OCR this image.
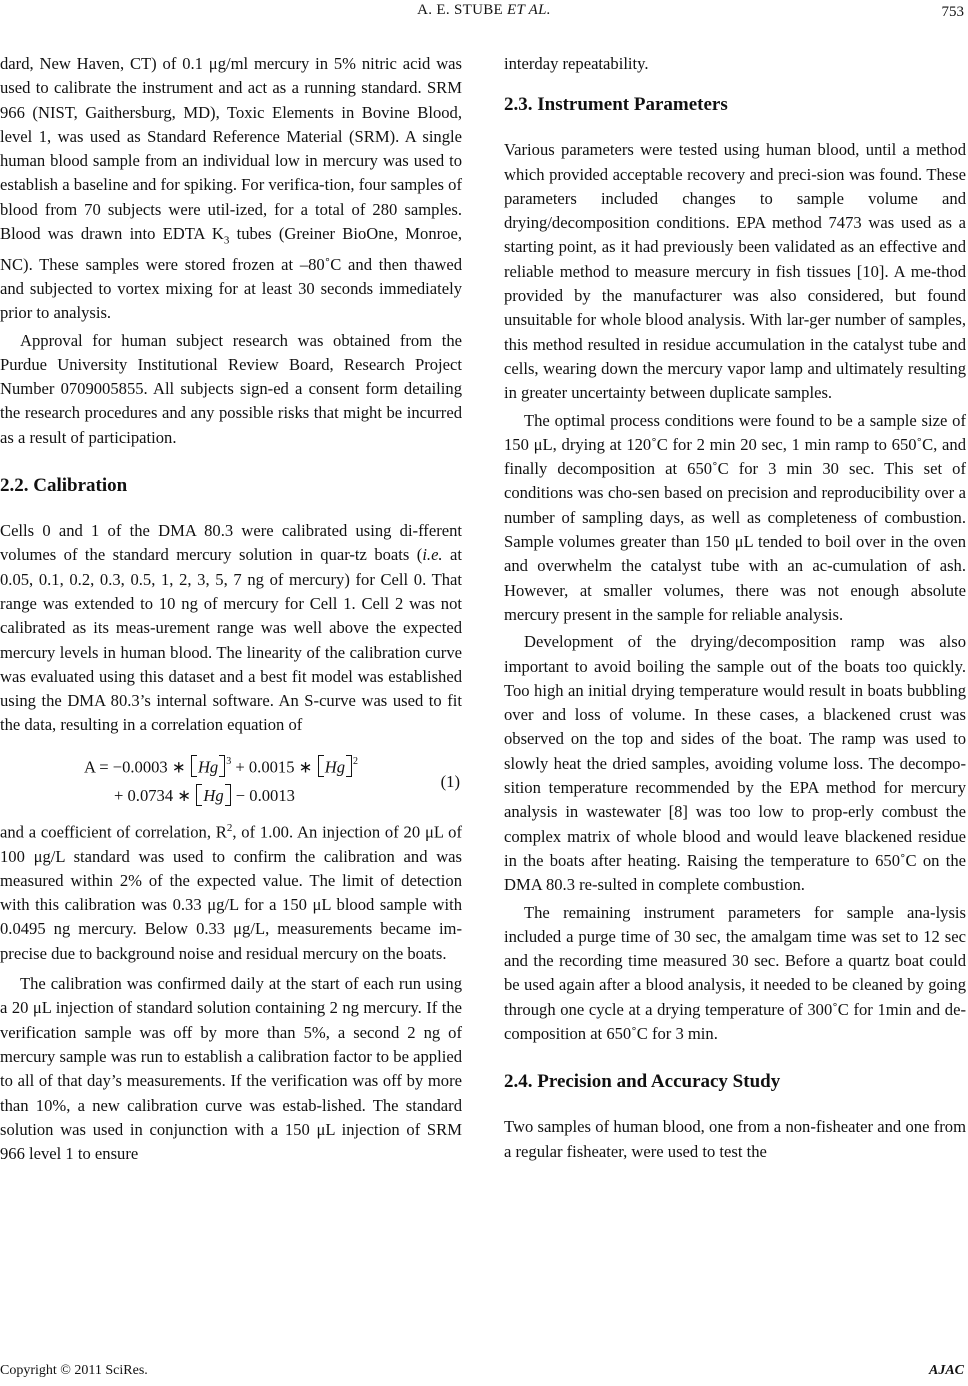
A. E. STUBE ET AL.	753

dard, New Haven, CT) of 0.1 μg/ml mercury in 5% nitric acid was used to calibrate the instrument and act as a running standard. SRM 966 (NIST, Gaithersburg, MD), Toxic Elements in Bovine Blood, level 1, was used as Standard Reference Material (SRM). A single human blood sample from an individual low in mercury was used to establish a baseline and for spiking. For verifica-tion, four samples of blood from 70 subjects were util-ized, for a total of 280 samples. Blood was drawn into EDTA $K_3$ tubes (Greiner BioOne, Monroe, NC). These samples were stored frozen at –80˚C and then thawed and subjected to vortex mixing for at least 30 seconds immediately prior to analysis.

Approval for human subject research was obtained from the Purdue University Institutional Review Board, Research Project Number 0709005855. All subjects sign-ed a consent form detailing the research procedures and any possible risks that might be incurred as a result of participation.

2.2. Calibration

Cells 0 and 1 of the DMA 80.3 were calibrated using di-fferent volumes of the standard mercury solution in quar-tz boats (i.e. at 0.05, 0.1, 0.2, 0.3, 0.5, 1, 2, 3, 5, 7 ng of mercury) for Cell 0. That range was extended to 10 ng of mercury for Cell 1. Cell 2 was not calibrated as its meas-urement range was well above the expected mercury levels in human blood. The linearity of the calibration curve was evaluated using this dataset and a best fit model was established using the DMA 80.3’s internal software. An S-curve was used to fit the data, resulting in a correlation equation of

A = −0.0003 ∗ Hg $^3$ + 0.0015 ∗ Hg $^2$
+ 0.0734 ∗ Hg − 0.0013
(1)

and a coefficient of correlation, $R^2$, of 1.00. An injection of 20 μL of 100 μg/L standard was used to confirm the calibration and was measured within 2% of the expected value. The limit of detection with this calibration was 0.33 μg/L for a 150 μL blood sample with 0.0495 ng mercury. Below 0.33 μg/L, measurements became im-precise due to background noise and residual mercury on the boats.

The calibration was confirmed daily at the start of each run using a 20 μL injection of standard solution containing 2 ng mercury. If the verification sample was off by more than 5%, a second 2 ng of mercury sample was run to establish a calibration factor to be applied to all of that day’s measurements. If the verification was off by more than 10%, a new calibration curve was estab-lished. The standard solution was used in conjunction with a 150 μL injection of SRM 966 level 1 to ensure

interday repeatability.

2.3. Instrument Parameters

Various parameters were tested using human blood, until a method which provided acceptable recovery and preci-sion was found. These parameters included changes to sample volume and drying/decomposition conditions. EPA method 7473 was used as a starting point, as it had previously been validated as an effective and reliable method to measure mercury in fish tissues [10]. A me-thod provided by the manufacturer was also considered, but found unsuitable for whole blood analysis. With lar-ger number of samples, this method resulted in residue accumulation in the catalyst tube and cells, wearing down the mercury vapor lamp and ultimately resulting in greater uncertainty between duplicate samples.

The optimal process conditions were found to be a sample size of 150 μL, drying at 120˚C for 2 min 20 sec, 1 min ramp to 650˚C, and finally decomposition at 650˚C for 3 min 30 sec. This set of conditions was cho-sen based on precision and reproducibility over a number of sampling days, as well as completeness of combustion. Sample volumes greater than 150 μL tended to boil over in the oven and overwhelm the catalyst tube with an ac-cumulation of ash. However, at smaller volumes, there was not enough absolute mercury present in the sample for reliable analysis.

Development of the drying/decomposition ramp was also important to avoid boiling the sample out of the boats too quickly. Too high an initial drying temperature would result in boats bubbling over and loss of volume. In these cases, a blackened crust was observed on the top and sides of the boat. The ramp was used to slowly heat the dried samples, avoiding volume loss. The decompo-sition temperature recommended by the EPA method for mercury analysis in wastewater [8] was too low to prop-erly combust the complex matrix of whole blood and would leave blackened residue in the boats after heating. Raising the temperature to 650˚C on the DMA 80.3 re-sulted in complete combustion.

The remaining instrument parameters for sample ana-lysis included a purge time of 30 sec, the amalgam time was set to 12 sec and the recording time measured 30 sec. Before a quartz boat could be used again after a blood analysis, it needed to be cleaned by going through one cycle at a drying temperature of 300˚C for 1min and de-composition at 650˚C for 3 min.

2.4. Precision and Accuracy Study

Two samples of human blood, one from a non-fisheater and one from a regular fisheater, were used to test the

Copyright © 2011 SciRes.	AJAC
